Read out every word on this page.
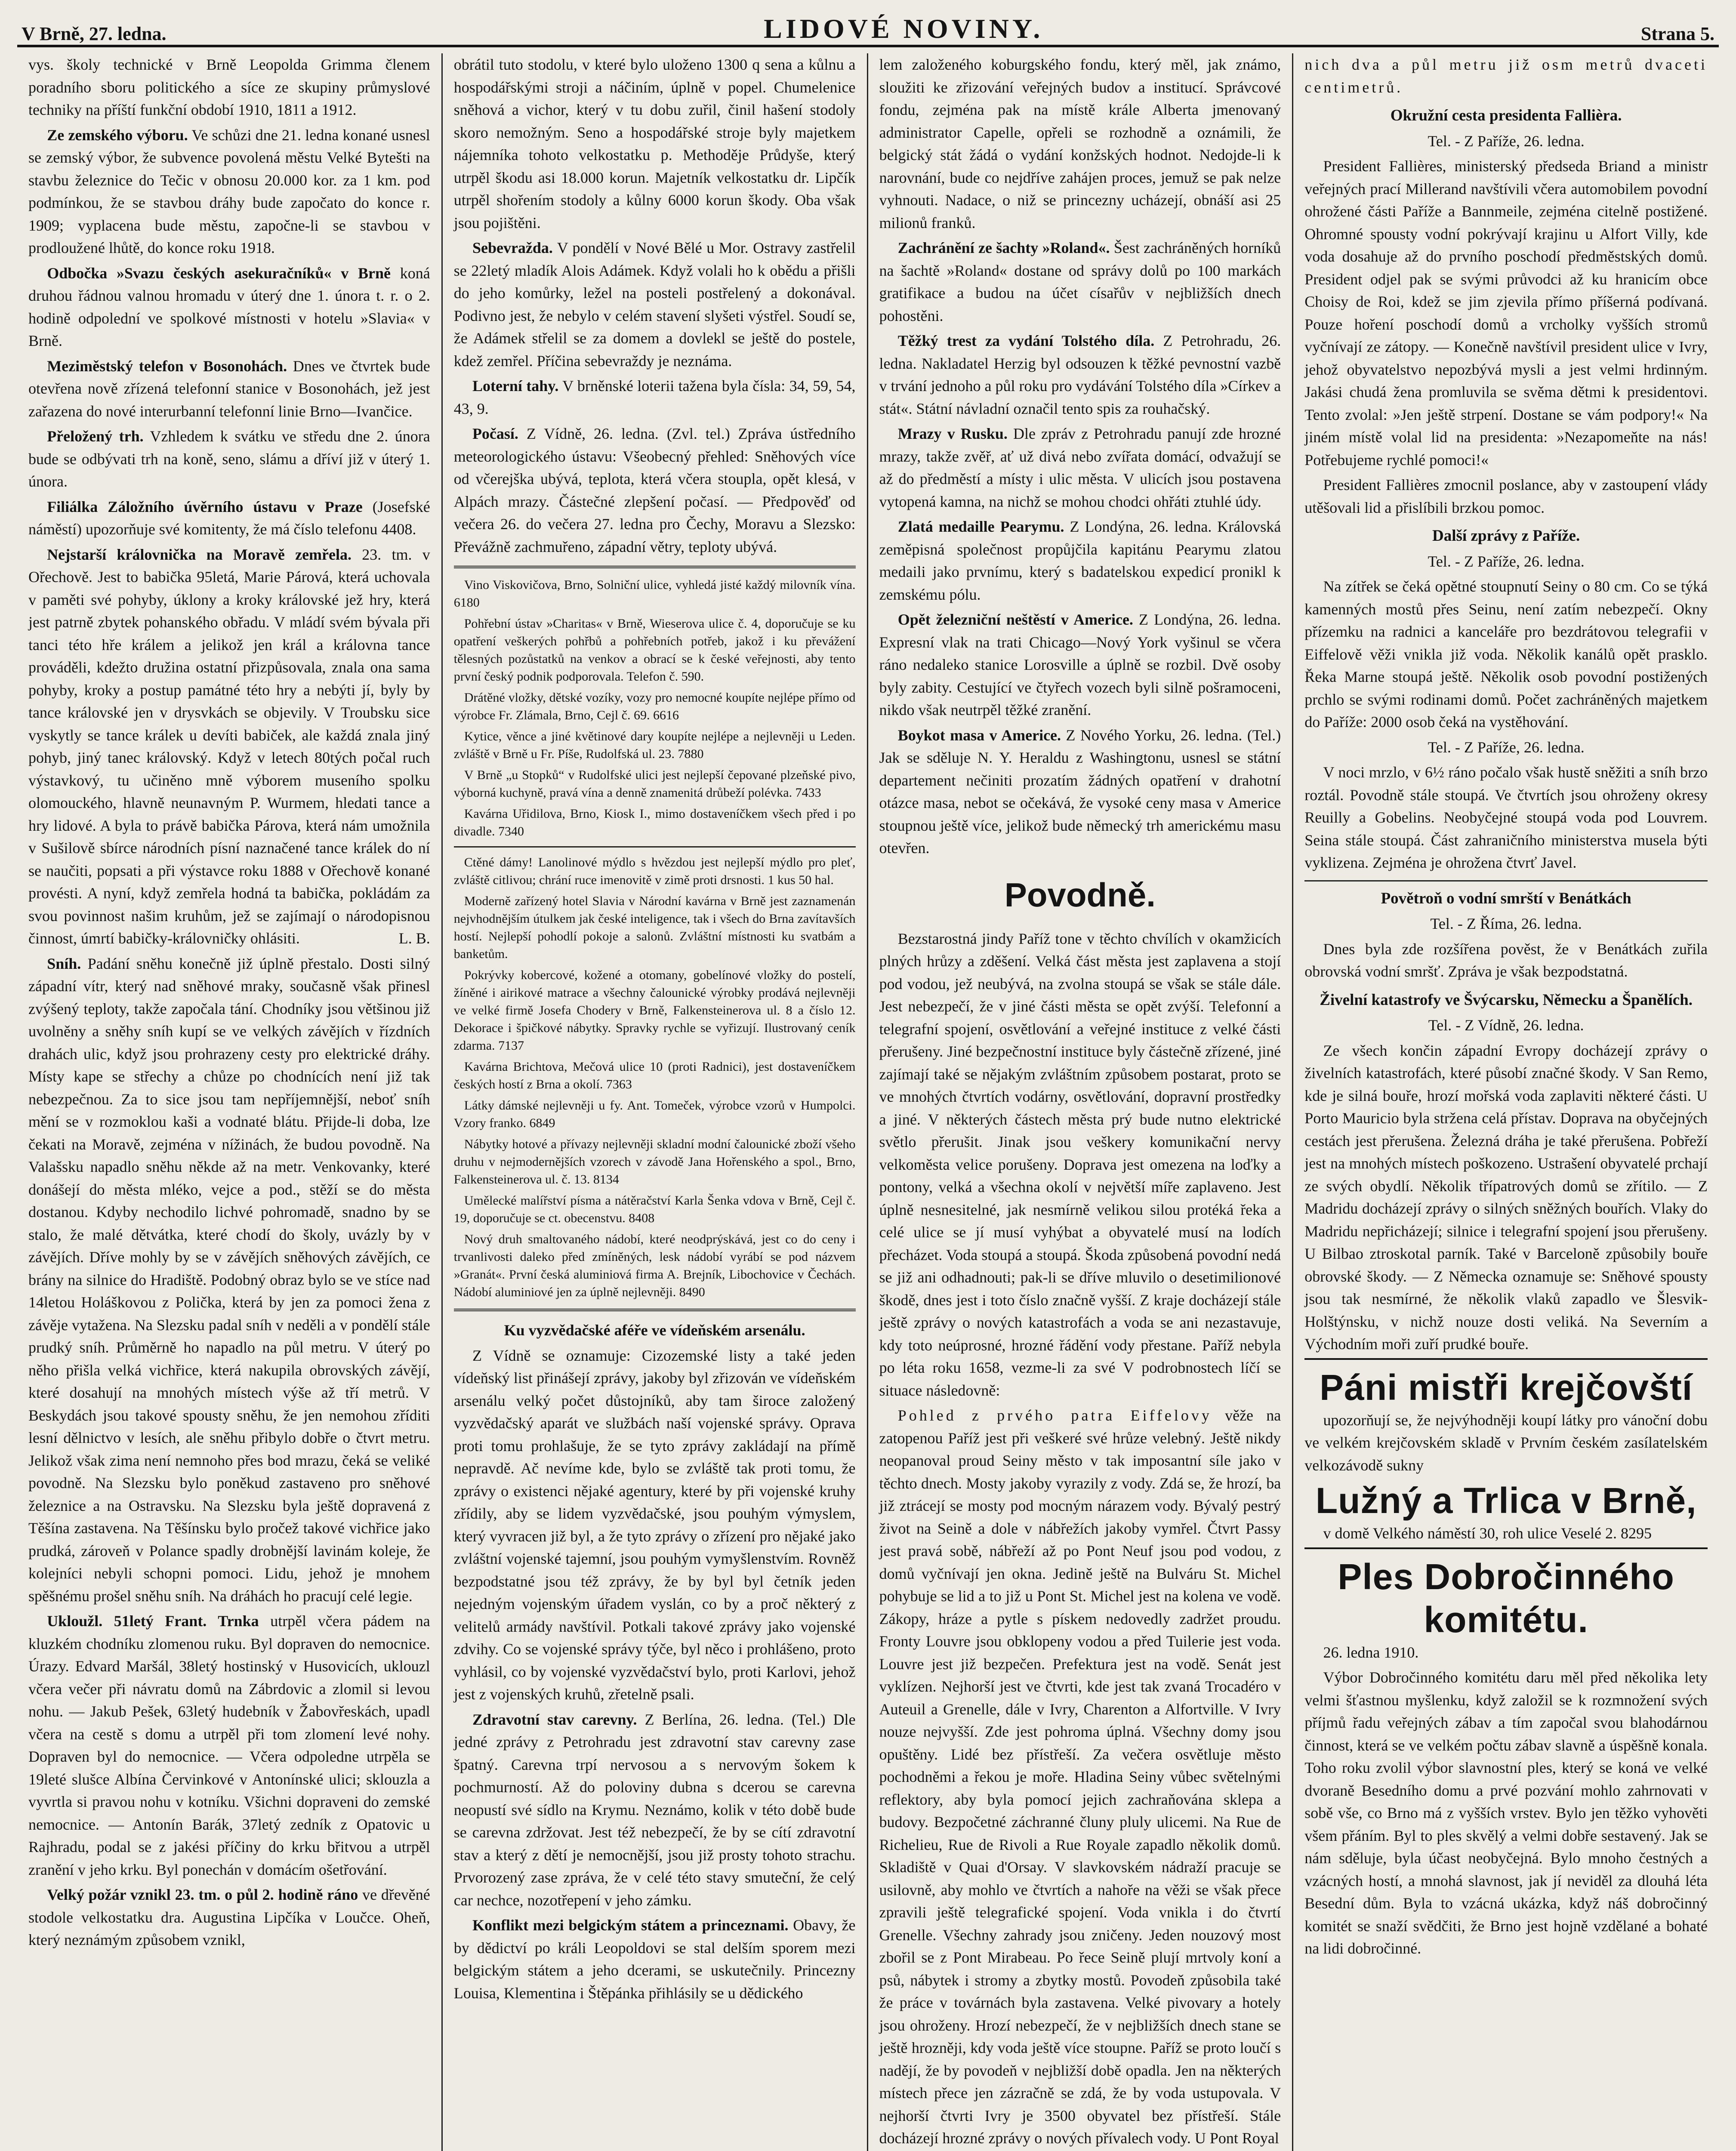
V Brně, 27. ledna.	LIDOVÉ NOVINY.	Strana 5.

vys. školy technické v Brně Leopolda Grimma členem poradního sboru politického a síce ze skupiny průmyslové techniky na příští funkční období 1910, 1811 a 1912.

Ze zemského výboru. Ve schůzi dne 21. ledna konané usnesl se zemský výbor, že subvence povolená městu Velké Bytešti na stavbu železnice do Tečic v obnosu 20.000 kor. za 1 km. pod podmínkou, že se stavbou dráhy bude započato do konce r. 1909; vyplacena bude městu, započne-li se stavbou v prodloužené lhůtě, do konce roku 1918.

Odbočka »Svazu českých asekuračníků« v Brně koná druhou řádnou valnou hromadu v úterý dne 1. února t. r. o 2. hodině odpolední ve spolkové místnosti v hotelu »Slavia« v Brně.

Meziměstský telefon v Bosonohách. Dnes ve čtvrtek bude otevřena nově zřízená telefonní stanice v Bosonohách, jež jest zařazena do nové interurbanní telefonní linie Brno—Ivančice.

Přeložený trh. Vzhledem k svátku ve středu dne 2. února bude se odbývati trh na koně, seno, slámu a dříví již v úterý 1. února.

Filiálka Záložního úvěrního ústavu v Praze (Josefské náměstí) upozorňuje své komitenty, že má číslo telefonu 4408.

Nejstarší královnička na Moravě zemřela. 23. tm. v Ořechově. Jest to babička 95letá, Marie Párová, která uchovala v paměti své pohyby, úklony a kroky královské jež hry, která jest patrně zbytek pohanského obřadu. V mládí svém bývala při tanci této hře králem a jelikož jen král a královna tance prováděli, kdežto družina ostatní přizpůsovala, znala ona sama pohyby, kroky a postup památné této hry a nebýti jí, byly by tance královské jen v drysvkách se objevily. V Troubsku sice vyskytly se tance králek u devíti babiček, ale každá znala jiný pohyb, jiný tanec královský. Když v letech 80tých počal ruch výstavkový, tu učiněno mně výborem museního spolku olomouckého, hlavně neunavným P. Wurmem, hledati tance a hry lidové. A byla to právě babička Párova, která nám umožnila v Sušilově sbírce národních písní naznačené tance králek do ní se naučiti, popsati a při výstavce roku 1888 v Ořechově konané provésti. A nyní, když zemřela hodná ta babička, pokládám za svou povinnost našim kruhům, jež se zajímají o národopisnou činnost, úmrtí babičky-královničky ohlásiti.	L. B.

Sníh. Padání sněhu konečně již úplně přestalo. Dosti silný západní vítr, který nad sněhové mraky, současně však přinesl zvýšený teploty, takže započala tání. Chodníky jsou většinou již uvolněny a sněhy sníh kupí se ve velkých závějích v řízdních drahách ulic, když jsou prohrazeny cesty pro elektrické dráhy. Místy kape se střechy a chůze po chodnících není již tak nebezpečnou. Za to sice jsou tam nepříjemnější, neboť sníh mění se v rozmoklou kaši a vodnaté blátu. Přijde-li doba, lze čekati na Moravě, zejména v nížinách, že budou povodně. Na Valašsku napadlo sněhu někde až na metr. Venkovanky, které donášejí do města mléko, vejce a pod., stěží se do města dostanou. Kdyby nechodilo lichvé pohromadě, snadno by se stalo, že malé dětvátka, které chodí do školy, uvázly by v závějích. Dříve mohly by se v závějích sněhových závějích, ce brány na silnice do Hradiště. Podobný obraz bylo se ve stíce nad 14letou Holáškovou z Polička, která by jen za pomoci žena z závěje vytažena. Na Slezsku padal sníh v neděli a v pondělí stále prudký sníh. Průměrně ho napadlo na půl metru. V úterý po něho přišla velká vichřice, která nakupila obrovských závějí, které dosahují na mnohých místech výše až tří metrů. V Beskydách jsou takové spousty sněhu, že jen nemohou zříditi lesní dělnictvo v lesích, ale sněhu přibylo dobře o čtvrt metru. Jelikož však zima není nemnoho přes bod mrazu, čeká se veliké povodně. Na Slezsku bylo poněkud zastaveno pro sněhové železnice a na Ostravsku. Na Slezsku byla ještě dopravená z Těšína zastavena. Na Těšínsku bylo pročež takové vichřice jako prudká, zároveň v Polance spadly drobnější lavinám koleje, že kolejníci nebyli schopni pomoci. Lidu, jehož je mnohem spěšnému prošel sněhu sníh. Na dráhách ho pracují celé legie.

Ukloužl. 51letý Frant. Trnka utrpěl včera pádem na kluzkém chodníku zlomenou ruku. Byl dopraven do nemocnice. Úrazy. Edvard Maršál, 38letý hostinský v Husovicích, uklouzl včera večer při návratu domů na Zábrdovic a zlomil si levou nohu. — Jakub Pešek, 63letý hudebník v Žabovřeskách, upadl včera na cestě s domu a utrpěl při tom zlomení levé nohy. Dopraven byl do nemocnice. — Včera odpoledne utrpěla se 19leté slušce Albína Červinkové v Antonínské ulici; sklouzla a vyvrtla si pravou nohu v kotníku. Všichni dopraveni do zemské nemocnice. — Antonín Barák, 37letý zedník z Opatovic u Rajhradu, podal se z jakési příčiny do krku břitvou a utrpěl zranění v jeho krku. Byl ponechán v domácím ošetřování.

Velký požár vznikl 23. tm. o půl 2. hodině ráno ve dřevěné stodole velkostatku dra. Augustina Lipčíka v Loučce. Oheň, který neznámým způsobem vznikl,

obrátil tuto stodolu, v které bylo uloženo 1300 q sena a kůlnu a hospodářskými stroji a náčiním, úplně v popel. Chumelenice sněhová a vichor, který v tu dobu zuřil, činil hašení stodoly skoro nemožným. Seno a hospodářské stroje byly majetkem nájemníka tohoto velkostatku p. Methoděje Průdyše, který utrpěl škodu asi 18.000 korun. Majetník velkostatku dr. Lipčík utrpěl shořením stodoly a kůlny 6000 korun škody. Oba však jsou pojištěni.

Sebevražda. V pondělí v Nové Bělé u Mor. Ostravy zastřelil se 22letý mladík Alois Adámek. Když volali ho k obědu a přišli do jeho komůrky, ležel na posteli postřelený a dokonával. Podivno jest, že nebylo v celém stavení slyšeti výstřel. Soudí se, že Adámek střelil se za domem a dovlekl se ještě do postele, kdež zemřel. Příčina sebevraždy je neznáma.

Loterní tahy. V brněnské loterii tažena byla čísla: 34, 59, 54, 43, 9.

Počasí. Z Vídně, 26. ledna. (Zvl. tel.) Zpráva ústředního meteorologického ústavu: Všeobecný přehled: Sněhových více od včerejška ubývá, teplota, která včera stoupla, opět klesá, v Alpách mrazy. Částečné zlepšení počasí. — Předpověď od večera 26. do večera 27. ledna pro Čechy, Moravu a Slezsko: Převážně zachmuřeno, západní větry, teploty ubývá.

Vino Viskovičova, Brno, Solniční ulice, vyhledá jisté každý milovník vína. 6180

Pohřební ústav »Charitas« v Brně, Wieserova ulice č. 4, doporučuje se ku opatření veškerých pohřbů a pohřebních potřeb, jakož i ku převážení tělesných pozůstatků na venkov a obrací se k české veřejnosti, aby tento první český podnik podporovala. Telefon č. 590.

Drátěné vložky, dětské vozíky, vozy pro nemocné koupíte nejlépe přímo od výrobce Fr. Zlámala, Brno, Cejl č. 69. 6616

Kytice, věnce a jiné květinové dary koupíte nejlépe a nejlevněji u Leden. zvláště v Brně u Fr. Píše, Rudolfská ul. 23. 7880

V Brně „u Stopků“ v Rudolfské ulici jest nejlepší čepované plzeňské pivo, výborná kuchyně, pravá vína a denně znamenitá drůbeží polévka. 7433

Kavárna Uřidilova, Brno, Kiosk I., mimo dostaveníčkem všech před i po divadle. 7340

Ctěné dámy! Lanolinové mýdlo s hvězdou jest nejlepší mýdlo pro pleť, zvláště citlivou; chrání ruce imenovitě v zimě proti drsnosti. 1 kus 50 hal.

Moderně zařízený hotel Slavia v Národní kavárna v Brně jest zaznamenán nejvhodnějším útulkem jak české inteligence, tak i všech do Brna zavítavších hostí. Nejlepší pohodlí pokoje a salonů. Zvláštní místnosti ku svatbám a banketům.

Pokrývky kobercové, kožené a otomany, gobelínové vložky do postelí, žíněné i airikové matrace a všechny čalounické výrobky prodává nejlevněji ve velké firmě Josefa Chodery v Brně, Falkensteinerova ul. 8 a číslo 12. Dekorace i špičkové nábytky. Spravky rychle se vyřizují. Ilustrovaný ceník zdarma. 7137

Kavárna Brichtova, Mečová ulice 10 (proti Radnici), jest dostaveníčkem českých hostí z Brna a okolí. 7363

Látky dámské nejlevněji u fy. Ant. Tomeček, výrobce vzorů v Humpolci. Vzory franko. 6849

Nábytky hotové a přívazy nejlevněji skladní modní čalounické zboží všeho druhu v nejmodernějších vzorech v závodě Jana Hořenského a spol., Brno, Falkensteinerova ul. č. 13. 8134

Umělecké malířství písma a nátěračství Karla Šenka vdova v Brně, Cejl č. 19, doporučuje se ct. obecenstvu. 8408

Nový druh smaltovaného nádobí, které neodprýskává, jest co do ceny i trvanlivosti daleko před zmíněných, lesk nádobí vyrábí se pod názvem »Granát«. První česká aluminiová firma A. Brejník, Libochovice v Čechách. Nádobí aluminiové jen za úplně nejlevněji. 8490

Ku vyzvědačské aféře ve vídeňském arsenálu.

Z Vídně se oznamuje: Cizozemské listy a také jeden vídeňský list přinášejí zprávy, jakoby byl zřizován ve vídeňském arsenálu velký počet důstojníků, aby tam široce založený vyzvědačský aparát ve službách naší vojenské správy. Oprava proti tomu prohlašuje, že se tyto zprávy zakládají na přímě nepravdě. Ač nevíme kde, bylo se zvláště tak proti tomu, že zprávy o existenci nějaké agentury, které by při vojenské kruhy zřídily, aby se lidem vyzvědačské, jsou pouhým výmyslem, který vyvracen již byl, a že tyto zprávy o zřízení pro nějaké jako zvláštní vojenské tajemní, jsou pouhým vymyšlenstvím. Rovněž bezpodstatné jsou též zprávy, že by byl byl četník jeden nejedným vojenským úřadem vyslán, co by a proč některý z velitelů armády navštívil. Potkali takové zprávy jako vojenské zdvihy. Co se vojenské správy týče, byl něco i prohlášeno, proto vyhlásil, co by vojenské vyzvědačství bylo, proti Karlovi, jehož jest z vojenských kruhů, zřetelně psali.

Zdravotní stav carevny. Z Berlína, 26. ledna. (Tel.) Dle jedné zprávy z Petrohradu jest zdravotní stav carevny zase špatný. Carevna trpí nervosou a s nervovým šokem k pochmurností. Až do poloviny dubna s dcerou se carevna neopustí své sídlo na Krymu. Neznámo, kolik v této době bude se carevna zdržovat. Jest též nebezpečí, že by se cítí zdravotní stav a který z dětí je nemocnější, jsou již prosty tohoto strachu. Prvorozený zase zpráva, že v celé této stavy smuteční, že celý car nechce, nozotřepení v jeho zámku.

Konflikt mezi belgickým státem a princeznami. Obavy, že by dědictví po králi Leopoldovi se stal delším sporem mezi belgickým státem a jeho dcerami, se uskutečnily. Princezny Louisa, Klementina i Štěpánka přihlásily se u dědického

lem založeného koburgského fondu, který měl, jak známo, sloužiti ke zřizování veřejných budov a institucí. Správcové fondu, zejména pak na místě krále Alberta jmenovaný administrator Capelle, opřeli se rozhodně a oznámili, že belgický stát žádá o vydání konžských hodnot. Nedojde-li k narovnání, bude co nejdříve zahájen proces, jemuž se pak nelze vyhnouti. Nadace, o niž se princezny ucházejí, obnáší asi 25 milionů franků.

Zachránění ze šachty »Roland«. Šest zachráněných horníků na šachtě »Roland« dostane od správy dolů po 100 markách gratifikace a budou na účet císařův v nejbližších dnech pohostěni.

Těžký trest za vydání Tolstého díla. Z Petrohradu, 26. ledna. Nakladatel Herzig byl odsouzen k těžké pevnostní vazbě v trvání jednoho a půl roku pro vydávání Tolstého díla »Církev a stát«. Státní návladní označil tento spis za rouhačský.

Mrazy v Rusku. Dle zpráv z Petrohradu panují zde hrozné mrazy, takže zvěř, ať už divá nebo zvířata domácí, odvažují se až do předměstí a místy i ulic města. V ulicích jsou postavena vytopená kamna, na nichž se mohou chodci ohřáti ztuhlé údy.

Zlatá medaille Pearymu. Z Londýna, 26. ledna. Královská zeměpisná společnost propůjčila kapitánu Pearymu zlatou medaili jako prvnímu, který s badatelskou expedicí pronikl k zemskému pólu.

Opět železniční neštěstí v Americe. Z Londýna, 26. ledna. Expresní vlak na trati Chicago—Nový York vyšinul se včera ráno nedaleko stanice Lorosville a úplně se rozbil. Dvě osoby byly zabity. Cestující ve čtyřech vozech byli silně pošramoceni, nikdo však neutrpěl těžké zranění.

Boykot masa v Americe. Z Nového Yorku, 26. ledna. (Tel.) Jak se sděluje N. Y. Heraldu z Washingtonu, usnesl se státní departement nečiniti prozatím žádných opatření v drahotní otázce masa, nebot se očekává, že vysoké ceny masa v Americe stoupnou ještě více, jelikož bude německý trh americkému masu otevřen.

Povodně.

Bezstarostná jindy Paříž tone v těchto chvílích v okamžicích plných hrůzy a zděšení. Velká část města jest zaplavena a stojí pod vodou, jež neubývá, na zvolna stoupá se však se stále dále. Jest nebezpečí, že v jiné části města se opět zvýší. Telefonní a telegrafní spojení, osvětlování a veřejné instituce z velké části přerušeny. Jiné bezpečnostní instituce byly částečně zřízené, jiné zajímají také se nějakým zvláštním způsobem postarat, proto se ve mnohých čtvrtích vodárny, osvětlování, dopravní prostředky a jiné. V některých částech města prý bude nutno elektrické světlo přerušit. Jinak jsou veškery komunikační nervy velkoměsta velice porušeny. Doprava jest omezena na loďky a pontony, velká a všechna okolí v největší míře zaplaveno. Jest úplně nesnesitelné, jak nesmírně velikou silou protéká řeka a celé ulice se jí musí vyhýbat a obyvatelé musí na lodích přecházet. Voda stoupá a stoupá. Škoda způsobená povodní nedá se již ani odhadnouti; pak-li se dříve mluvilo o desetimilionové škodě, dnes jest i toto číslo značně vyšší. Z kraje docházejí stále ještě zprávy o nových katastrofách a voda se ani nezastavuje, kdy toto neúprosné, hrozné řádění vody přestane. Paříž nebyla po léta roku 1658, vezme-li za své V podrobnostech líčí se situace následovně:

Pohled z prvého patra Eiffelovy věže na zatopenou Paříž jest při veškeré své hrůze velebný. Ještě nikdy neopanoval proud Seiny město v tak imposantní síle jako v těchto dnech. Mosty jakoby vyrazily z vody. Zdá se, že hrozí, ba již ztrácejí se mosty pod mocným nárazem vody. Bývalý pestrý život na Seině a dole v nábřežích jakoby vymřel. Čtvrt Passy jest pravá sobě, nábřeží až po Pont Neuf jsou pod vodou, z domů vyčnívají jen okna. Jedině ještě na Bulváru St. Michel pohybuje se lid a to již u Pont St. Michel jest na kolena ve vodě. Zákopy, hráze a pytle s pískem nedovedly zadržet proudu. Fronty Louvre jsou obklopeny vodou a před Tuilerie jest voda. Louvre jest již bezpečen. Prefektura jest na vodě. Senát jest vyklízen. Nejhorší jest ve čtvrti, kde jest tak zvaná Trocadéro v Auteuil a Grenelle, dále v Ivry, Charenton a Alfortville. V Ivry nouze nejvyšší. Zde jest pohroma úplná. Všechny domy jsou opuštěny. Lidé bez přístřeší. Za večera osvětluje město pochodněmi a řekou je moře. Hladina Seiny vůbec světelnými reflektory, aby byla pomocí jejich zachraňována sklepa a budovy. Bezpočetné záchranné čluny pluly ulicemi. Na Rue de Richelieu, Rue de Rivoli a Rue Royale zapadlo několik domů. Skladiště v Quai d'Orsay. V slavkovském nádraží pracuje se usilovně, aby mohlo ve čtvrtích a nahoře na věži se však přece zpravili ještě telegrafické spojení. Voda vnikla i do čtvrtí Grenelle. Všechny zahrady jsou zničeny. Jeden nouzový most zbořil se z Pont Mirabeau. Po řece Seině plují mrtvoly koní a psů, nábytek i stromy a zbytky mostů. Povodeň způsobila také že práce v továrnách byla zastavena. Velké pivovary a hotely jsou ohroženy. Hrozí nebezpečí, že v nejbližších dnech stane se ještě hrozněji, kdy voda ještě více stoupne. Paříž se proto loučí s nadějí, že by povodeň v nejbližší době opadla. Jen na některých místech přece jen zázračně se zdá, že by voda ustupovala. V nejhorší čtvrti Ivry je 3500 obyvatel bez přístřeší. Stále docházejí hrozné zprávy o nových přívalech vody. U Pont Royal

nich dva a půl metru již osm metrů dvaceti centimetrů.

Okružní cesta presidenta Fallièra.
Tel. - Z Paříže, 26. ledna.

President Fallières, ministerský předseda Briand a ministr veřejných prací Millerand navštívili včera automobilem povodní ohrožené části Paříže a Bannmeile, zejména citelně postižené. Ohromné spousty vodní pokrývají krajinu u Alfort Villy, kde voda dosahuje až do prvního poschodí předměstských domů. President odjel pak se svými průvodci až ku hranicím obce Choisy de Roi, kdež se jim zjevila přímo příšerná podívaná. Pouze hoření poschodí domů a vrcholky vyšších stromů vyčnívají ze zátopy. — Konečně navštívil president ulice v Ivry, jehož obyvatelstvo nepozbývá mysli a jest velmi hrdinným. Jakási chudá žena promluvila se svěma dětmi k presidentovi. Tento zvolal: »Jen ještě strpení. Dostane se vám podpory!« Na jiném místě volal lid na presidenta: »Nezapomeňte na nás! Potřebujeme rychlé pomoci!«

President Fallières zmocnil poslance, aby v zastoupení vlády utěšovali lid a přislíbili brzkou pomoc.

Další zprávy z Paříže.
Tel. - Z Paříže, 26. ledna.

Na zítřek se čeká opětné stoupnutí Seiny o 80 cm. Co se týká kamenných mostů přes Seinu, není zatím nebezpečí. Okny přízemku na radnici a kanceláře pro bezdrátovou telegrafii v Eiffelově věži vnikla již voda. Několik kanálů opět prasklo. Řeka Marne stoupá ještě. Několik osob povodní postižených prchlo se svými rodinami domů. Počet zachráněných majetkem do Paříže: 2000 osob čeká na vystěhování.

Tel. - Z Paříže, 26. ledna.

V noci mrzlo, v 6½ ráno počalo však hustě sněžiti a sníh brzo roztál. Povodně stále stoupá. Ve čtvrtích jsou ohroženy okresy Reuilly a Gobelins. Neobyčejné stoupá voda pod Louvrem. Seina stále stoupá. Část zahraničního ministerstva musela býti vyklizena. Zejména je ohrožena čtvrť Javel.

Povětroň o vodní smrští v Benátkách
Tel. - Z Říma, 26. ledna.

Dnes byla zde rozšířena pověst, že v Benátkách zuřila obrovská vodní smršť. Zpráva je však bezpodstatná.

Živelní katastrofy ve Švýcarsku, Německu a Španělích.
Tel. - Z Vídně, 26. ledna.

Ze všech končin západní Evropy docházejí zprávy o živelních katastrofách, které působí značné škody. V San Remo, kde je silná bouře, hrozí mořská voda zaplaviti některé části. U Porto Mauricio byla stržena celá přístav. Doprava na obyčejných cestách jest přerušena. Železná dráha je také přerušena. Pobřeží jest na mnohých místech poškozeno. Ustrašení obyvatelé prchají ze svých obydlí. Několik třípatrových domů se zřítilo. — Z Madridu docházejí zprávy o silných sněžných bouřích. Vlaky do Madridu nepřicházejí; silnice i telegrafní spojení jsou přerušeny. U Bilbao ztroskotal parník. Také v Barceloně způsobily bouře obrovské škody. — Z Německa oznamuje se: Sněhové spousty jsou tak nesmírné, že několik vlaků zapadlo ve Šlesvik-Holštýnsku, v nichž nouze dosti veliká. Na Severním a Východním moři zuří prudké bouře.

Páni mistři krejčovští

upozorňují se, že nejvýhodněji koupí látky pro vánoční dobu ve velkém krejčovském skladě v Prvním českém zasílatelském velkozávodě sukny

Lužný a Trlica v Brně,

v domě Velkého náměstí 30, roh ulice Veselé 2. 8295

Ples Dobročinného komitétu.

26. ledna 1910.

Výbor Dobročinného komitétu daru měl před několika lety velmi šťastnou myšlenku, když založil se k rozmnožení svých příjmů řadu veřejných zábav a tím započal svou blahodárnou činnost, která se ve velkém počtu zábav slavně a úspěšně konala. Toho roku zvolil výbor slavnostní ples, který se koná ve velké dvoraně Besedního domu a prvé pozvání mohlo zahrnovati v sobě vše, co Brno má z vyšších vrstev. Bylo jen těžko vyhověti všem přáním. Byl to ples skvělý a velmi dobře sestavený. Jak se nám sděluje, byla účast neobyčejná. Bylo mnoho čestných a vzácných hostí, a mnohá slavnost, jak jí neviděl za dlouhá léta Besední dům. Byla to vzácná ukázka, když náš dobročinný komitét se snaží svědčiti, že Brno jest hojně vzdělané a bohaté na lidi dobročinné.
